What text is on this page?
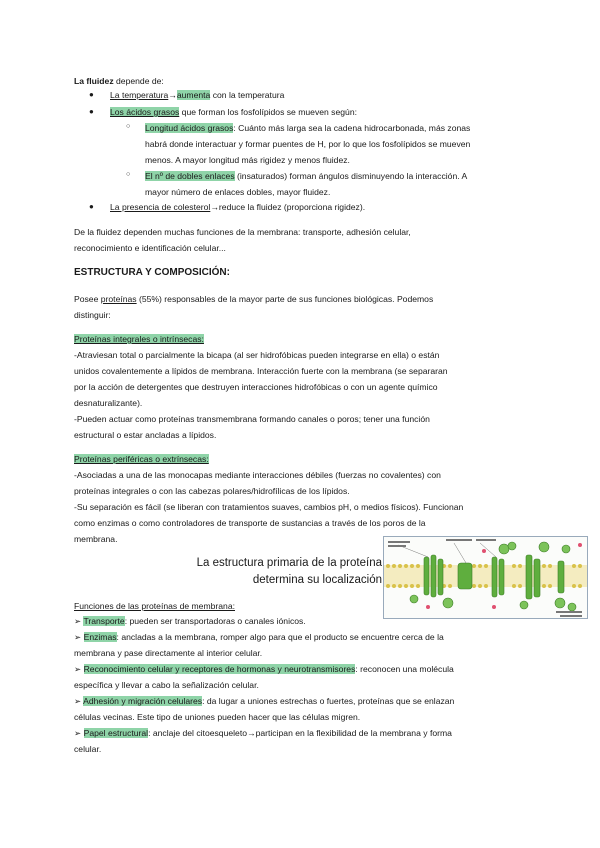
La fluidez depende de:
● La temperatura→aumenta con la temperatura
● Los ácidos grasos que forman los fosfolípidos se mueven según:
○ Longitud ácidos grasos: Cuánto más larga sea la cadena hidrocarbonada, más zonas
habrá donde interactuar y formar puentes de H, por lo que los fosfolípidos se mueven
menos. A mayor longitud más rigidez y menos fluidez.
○ El nº de dobles enlaces (insaturados) forman ángulos disminuyendo la interacción. A
mayor número de enlaces dobles, mayor fluidez.
● La presencia de colesterol→reduce la fluidez (proporciona rigidez).
De la fluidez dependen muchas funciones de la membrana: transporte, adhesión celular,
reconocimiento e identificación celular...
ESTRUCTURA Y COMPOSICIÓN:
Posee proteínas (55%) responsables de la mayor parte de sus funciones biológicas. Podemos
distinguir:
Proteínas integrales o intrínsecas:
-Atraviesan total o parcialmente la bicapa (al ser hidrofóbicas pueden integrarse en ella) o están
unidos covalentemente a lípidos de membrana. Interacción fuerte con la membrana (se separaran
por la acción de detergentes que destruyen interacciones hidrofóbicas o con un agente químico
desnaturalizante).
-Pueden actuar como proteínas transmembrana formando canales o poros; tener una función
estructural o estar ancladas a lípidos.
Proteínas periféricas o extrínsecas:
-Asociadas a una de las monocapas mediante interacciones débiles (fuerzas no covalentes) con
proteínas integrales o con las cabezas polares/hidrofílicas de los lípidos.
-Su separación es fácil (se liberan con tratamientos suaves, cambios pH, o medios físicos). Funcionan
como enzimas o como controladores de transporte de sustancias a través de los poros de la
membrana.
La estructura primaria de la proteína
determina su localización
Funciones de las proteínas de membrana:
➢ Transporte: pueden ser transportadoras o canales iónicos.
➢ Enzimas: ancladas a la membrana, romper algo para que el producto se encuentre cerca de la
membrana y pase directamente al interior celular.
➢ Reconocimiento celular y receptores de hormonas y neurotransmisores: reconocen una molécula
específica y llevar a cabo la señalización celular.
➢ Adhesión y migración celulares: da lugar a uniones estrechas o fuertes, proteínas que se enlazan
células vecinas. Este tipo de uniones pueden hacer que las células migren.
➢ Papel estructural: anclaje del citoesqueleto→participan en la flexibilidad de la membrana y forma
celular.
